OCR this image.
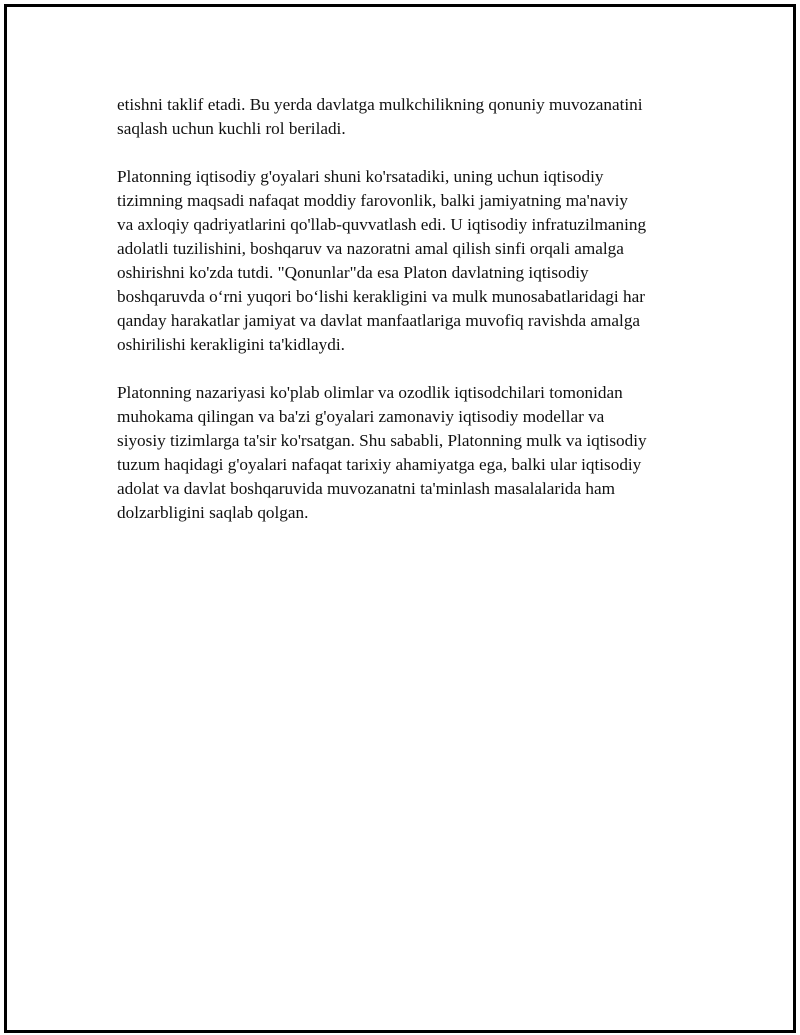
etishni taklif etadi. Bu yerda davlatga mulkchilikning qonuniy muvozanatini
saqlash uchun kuchli rol beriladi.

Platonning iqtisodiy g'oyalari shuni ko'rsatadiki, uning uchun iqtisodiy
tizimning maqsadi nafaqat moddiy farovonlik, balki jamiyatning ma'naviy
va axloqiy qadriyatlarini qo'llab-quvvatlash edi. U iqtisodiy infratuzilmaning
adolatli tuzilishini, boshqaruv va nazoratni amal qilish sinfi orqali amalga
oshirishni ko'zda tutdi. "Qonunlar"da esa Platon davlatning iqtisodiy
boshqaruvda o‘rni yuqori bo‘lishi kerakligini va mulk munosabatlaridagi har
qanday harakatlar jamiyat va davlat manfaatlariga muvofiq ravishda amalga
oshirilishi kerakligini ta'kidlaydi.

Platonning nazariyasi ko'plab olimlar va ozodlik iqtisodchilari tomonidan
muhokama qilingan va ba'zi g'oyalari zamonaviy iqtisodiy modellar va
siyosiy tizimlarga ta'sir ko'rsatgan. Shu sababli, Platonning mulk va iqtisodiy
tuzum haqidagi g'oyalari nafaqat tarixiy ahamiyatga ega, balki ular iqtisodiy
adolat va davlat boshqaruvida muvozanatni ta'minlash masalalarida ham
dolzarbligini saqlab qolgan.
